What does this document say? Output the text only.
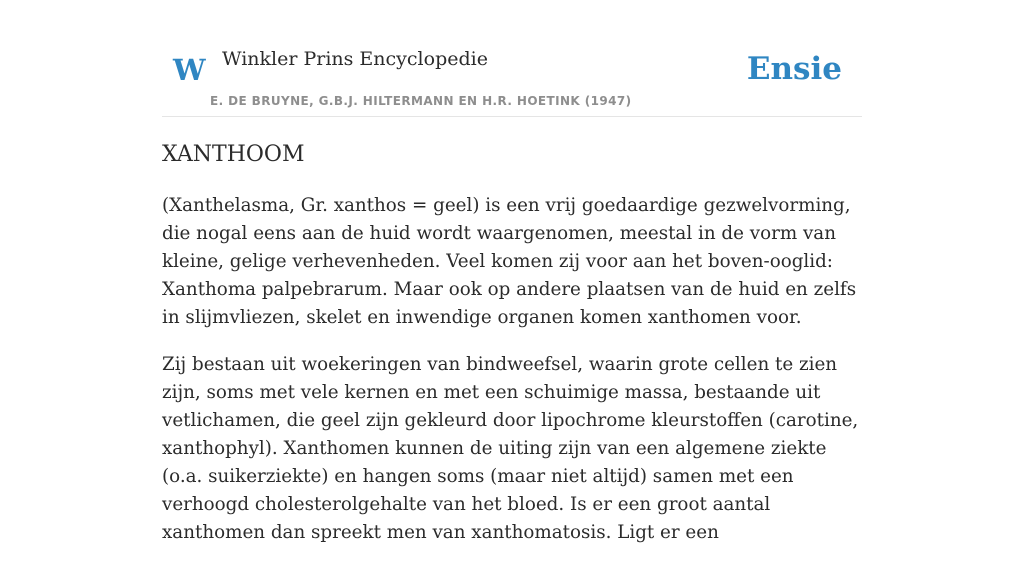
W Winkler Prins Encyclopedie
E. DE BRUYNE, G.B.J. HILTERMANN EN H.R. HOETINK (1947)
Ensie
XANTHOOM

(Xanthelasma, Gr. xanthos = geel) is een vrij goedaardige gezwelvorming, die nogal eens aan de huid wordt waargenomen, meestal in de vorm van kleine, gelige verhevenheden. Veel komen zij voor aan het boven-ooglid: Xanthoma palpebrarum. Maar ook op andere plaatsen van de huid en zelfs in slijmvliezen, skelet en inwendige organen komen xanthomen voor.

Zij bestaan uit woekeringen van bindweefsel, waarin grote cellen te zien zijn, soms met vele kernen en met een schuimige massa, bestaande uit vetlichamen, die geel zijn gekleurd door lipochrome kleurstoffen (carotine, xanthophyl). Xanthomen kunnen de uiting zijn van een algemene ziekte (o.a. suikerziekte) en hangen soms (maar niet altijd) samen met een verhoogd cholesterolgehalte van het bloed. Is er een groot aantal xanthomen dan spreekt men van xanthomatosis. Ligt er een
